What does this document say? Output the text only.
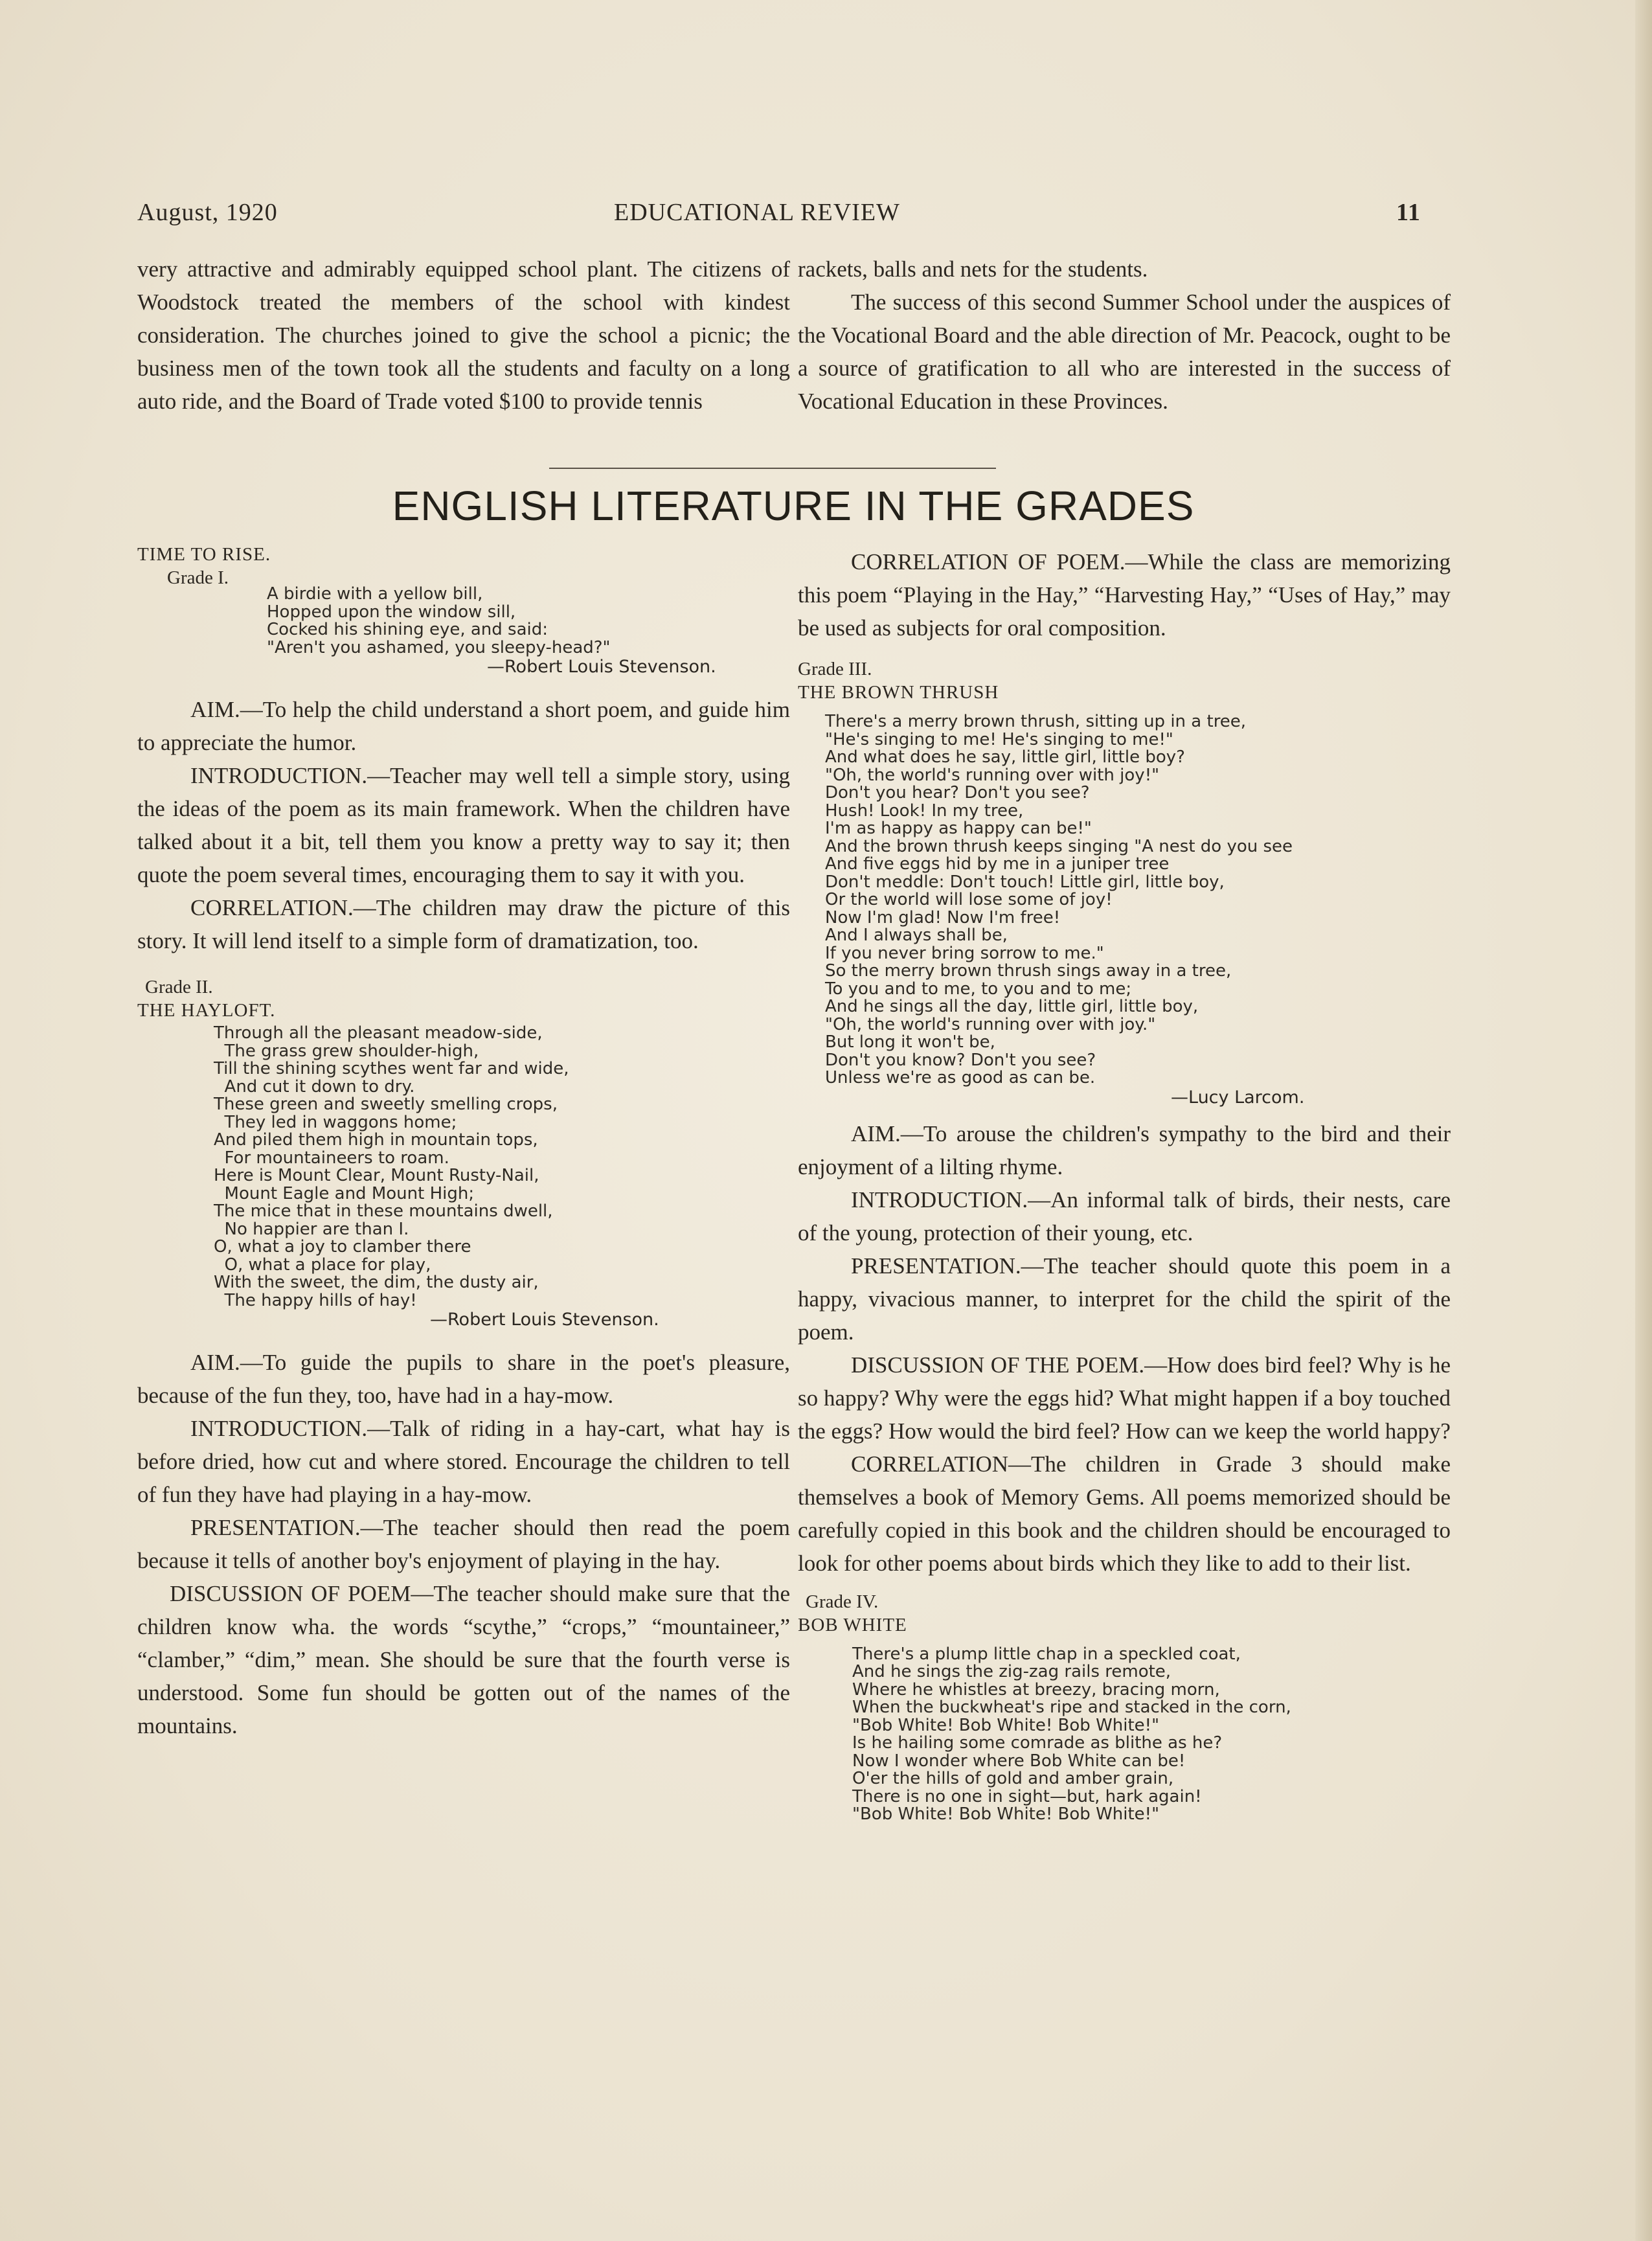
August, 1920	EDUCATIONAL REVIEW	11

very attractive and admirably equipped school plant. The citizens of Woodstock treated the members of the school with kindest consideration. The churches joined to give the school a picnic; the business men of the town took all the students and faculty on a long auto ride, and the Board of Trade voted $100 to provide tennis

rackets, balls and nets for the students.

The success of this second Summer School under the auspices of the Vocational Board and the able direction of Mr. Peacock, ought to be a source of gratification to all who are interested in the success of Vocational Education in these Provinces.

ENGLISH LITERATURE IN THE GRADES

TIME TO RISE.

Grade I.

A birdie with a yellow bill,
Hopped upon the window sill,
Cocked his shining eye, and said:
"Aren't you ashamed, you sleepy-head?"

—Robert Louis Stevenson.

AIM.—To help the child understand a short poem, and guide him to appreciate the humor.

INTRODUCTION.—Teacher may well tell a simple story, using the ideas of the poem as its main framework. When the children have talked about it a bit, tell them you know a pretty way to say it; then quote the poem several times, encouraging them to say it with you.

CORRELATION.—The children may draw the picture of this story. It will lend itself to a simple form of dramatization, too.

Grade II.

THE HAYLOFT.

Through all the pleasant meadow-side,
The grass grew shoulder-high,
Till the shining scythes went far and wide,
And cut it down to dry.

These green and sweetly smelling crops,
They led in waggons home;
And piled them high in mountain tops,
For mountaineers to roam.

Here is Mount Clear, Mount Rusty-Nail,
Mount Eagle and Mount High;
The mice that in these mountains dwell,
No happier are than I.

O, what a joy to clamber there
O, what a place for play,
With the sweet, the dim, the dusty air,
The happy hills of hay!

—Robert Louis Stevenson.

AIM.—To guide the pupils to share in the poet's pleasure, because of the fun they, too, have had in a hay-mow.

INTRODUCTION.—Talk of riding in a hay-cart, what hay is before dried, how cut and where stored. Encourage the children to tell of fun they have had playing in a hay-mow.

PRESENTATION.—The teacher should then read the poem because it tells of another boy's enjoyment of playing in the hay.

DISCUSSION OF POEM—The teacher should make sure that the children know wha. the words “scythe,” “crops,” “mountaineer,” “clamber,” “dim,” mean. She should be sure that the fourth verse is understood. Some fun should be gotten out of the names of the mountains.

CORRELATION OF POEM.—While the class are memorizing this poem “Playing in the Hay,” “Harvesting Hay,” “Uses of Hay,” may be used as subjects for oral composition.

Grade III.

THE BROWN THRUSH

There's a merry brown thrush, sitting up in a tree,
"He's singing to me! He's singing to me!"
And what does he say, little girl, little boy?
"Oh, the world's running over with joy!"
Don't you hear? Don't you see?
Hush! Look! In my tree,
I'm as happy as happy can be!"

And the brown thrush keeps singing "A nest do you see
And five eggs hid by me in a juniper tree
Don't meddle: Don't touch! Little girl, little boy,
Or the world will lose some of joy!
Now I'm glad! Now I'm free!
And I always shall be,
If you never bring sorrow to me."

So the merry brown thrush sings away in a tree,
To you and to me, to you and to me;
And he sings all the day, little girl, little boy,
"Oh, the world's running over with joy."
But long it won't be,
Don't you know? Don't you see?
Unless we're as good as can be.

—Lucy Larcom.

AIM.—To arouse the children's sympathy to the bird and their enjoyment of a lilting rhyme.

INTRODUCTION.—An informal talk of birds, their nests, care of the young, protection of their young, etc.

PRESENTATION.—The teacher should quote this poem in a happy, vivacious manner, to interpret for the child the spirit of the poem.

DISCUSSION OF THE POEM.—How does bird feel? Why is he so happy? Why were the eggs hid? What might happen if a boy touched the eggs? How would the bird feel? How can we keep the world happy?

CORRELATION—The children in Grade 3 should make themselves a book of Memory Gems. All poems memorized should be carefully copied in this book and the children should be encouraged to look for other poems about birds which they like to add to their list.

Grade IV.

BOB WHITE

There's a plump little chap in a speckled coat,
And he sings the zig-zag rails remote,
Where he whistles at breezy, bracing morn,
When the buckwheat's ripe and stacked in the corn,
"Bob White! Bob White! Bob White!"

Is he hailing some comrade as blithe as he?
Now I wonder where Bob White can be!
O'er the hills of gold and amber grain,
There is no one in sight—but, hark again!
"Bob White! Bob White! Bob White!"
